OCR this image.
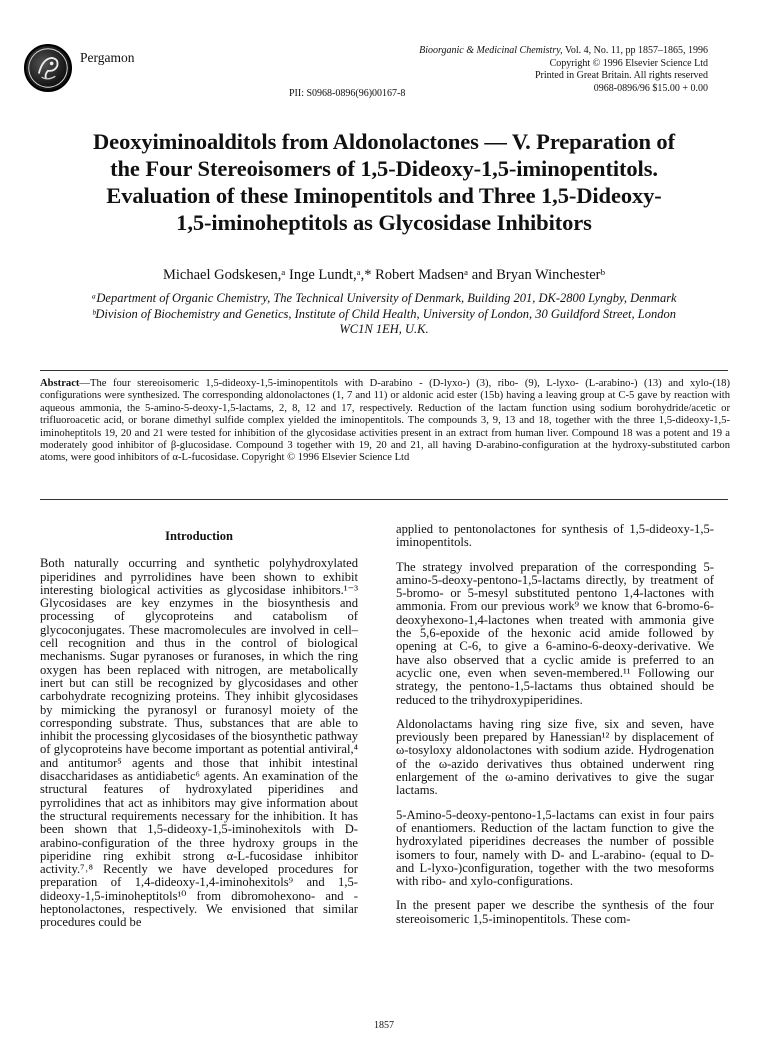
Pergamon	Bioorganic & Medicinal Chemistry, Vol. 4, No. 11, pp 1857–1865, 1996
Copyright © 1996 Elsevier Science Ltd
Printed in Great Britain. All rights reserved
0968-0896/96 $15.00 + 0.00
PII: S0968-0896(96)00167-8
Deoxyiminoalditols from Aldonolactones — V. Preparation of
the Four Stereoisomers of 1,5-Dideoxy-1,5-iminopentitols.
Evaluation of these Iminopentitols and Three 1,5-Dideoxy-
1,5-iminoheptitols as Glycosidase Inhibitors
Michael Godskesen,ᵃ Inge Lundt,ᵃ,* Robert Madsenᵃ and Bryan Winchesterᵇ
ᵃDepartment of Organic Chemistry, The Technical University of Denmark, Building 201, DK-2800 Lyngby, Denmark
ᵇDivision of Biochemistry and Genetics, Institute of Child Health, University of London, 30 Guildford Street, London
WC1N 1EH, U.K.
Abstract—The four stereoisomeric 1,5-dideoxy-1,5-iminopentitols with D-arabino - (D-lyxo-) (3), ribo- (9), L-lyxo- (L-arabino-) (13) and xylo-(18) configurations were synthesized. The corresponding aldonolactones (1, 7 and 11) or aldonic acid ester (15b) having a leaving group at C-5 gave by reaction with aqueous ammonia, the 5-amino-5-deoxy-1,5-lactams, 2, 8, 12 and 17, respectively. Reduction of the lactam function using sodium borohydride/acetic or trifluoroacetic acid, or borane dimethyl sulfide complex yielded the iminopentitols. The compounds 3, 9, 13 and 18, together with the three 1,5-dideoxy-1,5-iminoheptitols 19, 20 and 21 were tested for inhibition of the glycosidase activities present in an extract from human liver. Compound 18 was a potent and 19 a moderately good inhibitor of β-glucosidase. Compound 3 together with 19, 20 and 21, all having D-arabino-configuration at the hydroxy-substituted carbon atoms, were good inhibitors of α-L-fucosidase. Copyright © 1996 Elsevier Science Ltd
Introduction

Both naturally occurring and synthetic polyhydroxylated piperidines and pyrrolidines have been shown to exhibit interesting biological activities as glycosidase inhibitors.¹⁻³ Glycosidases are key enzymes in the biosynthesis and processing of glycoproteins and catabolism of glycoconjugates. These macromolecules are involved in cell–cell recognition and thus in the control of biological mechanisms. Sugar pyranoses or furanoses, in which the ring oxygen has been replaced with nitrogen, are metabolically inert but can still be recognized by glycosidases and other carbohydrate recognizing proteins. They inhibit glycosidases by mimicking the pyranosyl or furanosyl moiety of the corresponding substrate. Thus, substances that are able to inhibit the processing glycosidases of the biosynthetic pathway of glycoproteins have become important as potential antiviral,⁴ and antitumor⁵ agents and those that inhibit intestinal disaccharidases as antidiabetic⁶ agents. An examination of the structural features of hydroxylated piperidines and pyrrolidines that act as inhibitors may give information about the structural requirements necessary for the inhibition. It has been shown that 1,5-dideoxy-1,5-iminohexitols with D-arabino-configuration of the three hydroxy groups in the piperidine ring exhibit strong α-L-fucosidase inhibitor activity.⁷˒⁸ Recently we have developed procedures for preparation of 1,4-dideoxy-1,4-iminohexitols⁹ and 1,5-dideoxy-1,5-iminoheptitols¹⁰ from dibromohexono- and -heptonolactones, respectively. We envisioned that similar procedures could be

applied to pentonolactones for synthesis of 1,5-dideoxy-1,5-iminopentitols.

The strategy involved preparation of the corresponding 5-amino-5-deoxy-pentono-1,5-lactams directly, by treatment of 5-bromo- or 5-mesyl substituted pentono 1,4-lactones with ammonia. From our previous work⁹ we know that 6-bromo-6-deoxyhexono-1,4-lactones when treated with ammonia give the 5,6-epoxide of the hexonic acid amide followed by opening at C-6, to give a 6-amino-6-deoxy-derivative. We have also observed that a cyclic amide is preferred to an acyclic one, even when seven-membered.¹¹ Following our strategy, the pentono-1,5-lactams thus obtained should be reduced to the trihydroxypiperidines.

Aldonolactams having ring size five, six and seven, have previously been prepared by Hanessian¹² by displacement of ω-tosyloxy aldonolactones with sodium azide. Hydrogenation of the ω-azido derivatives thus obtained underwent ring enlargement of the ω-amino derivatives to give the sugar lactams.

5-Amino-5-deoxy-pentono-1,5-lactams can exist in four pairs of enantiomers. Reduction of the lactam function to give the hydroxylated piperidines decreases the number of possible isomers to four, namely with D- and L-arabino- (equal to D- and L-lyxo-)configuration, together with the two mesoforms with ribo- and xylo-configurations.

In the present paper we describe the synthesis of the four stereoisomeric 1,5-iminopentitols. These com-

1857
